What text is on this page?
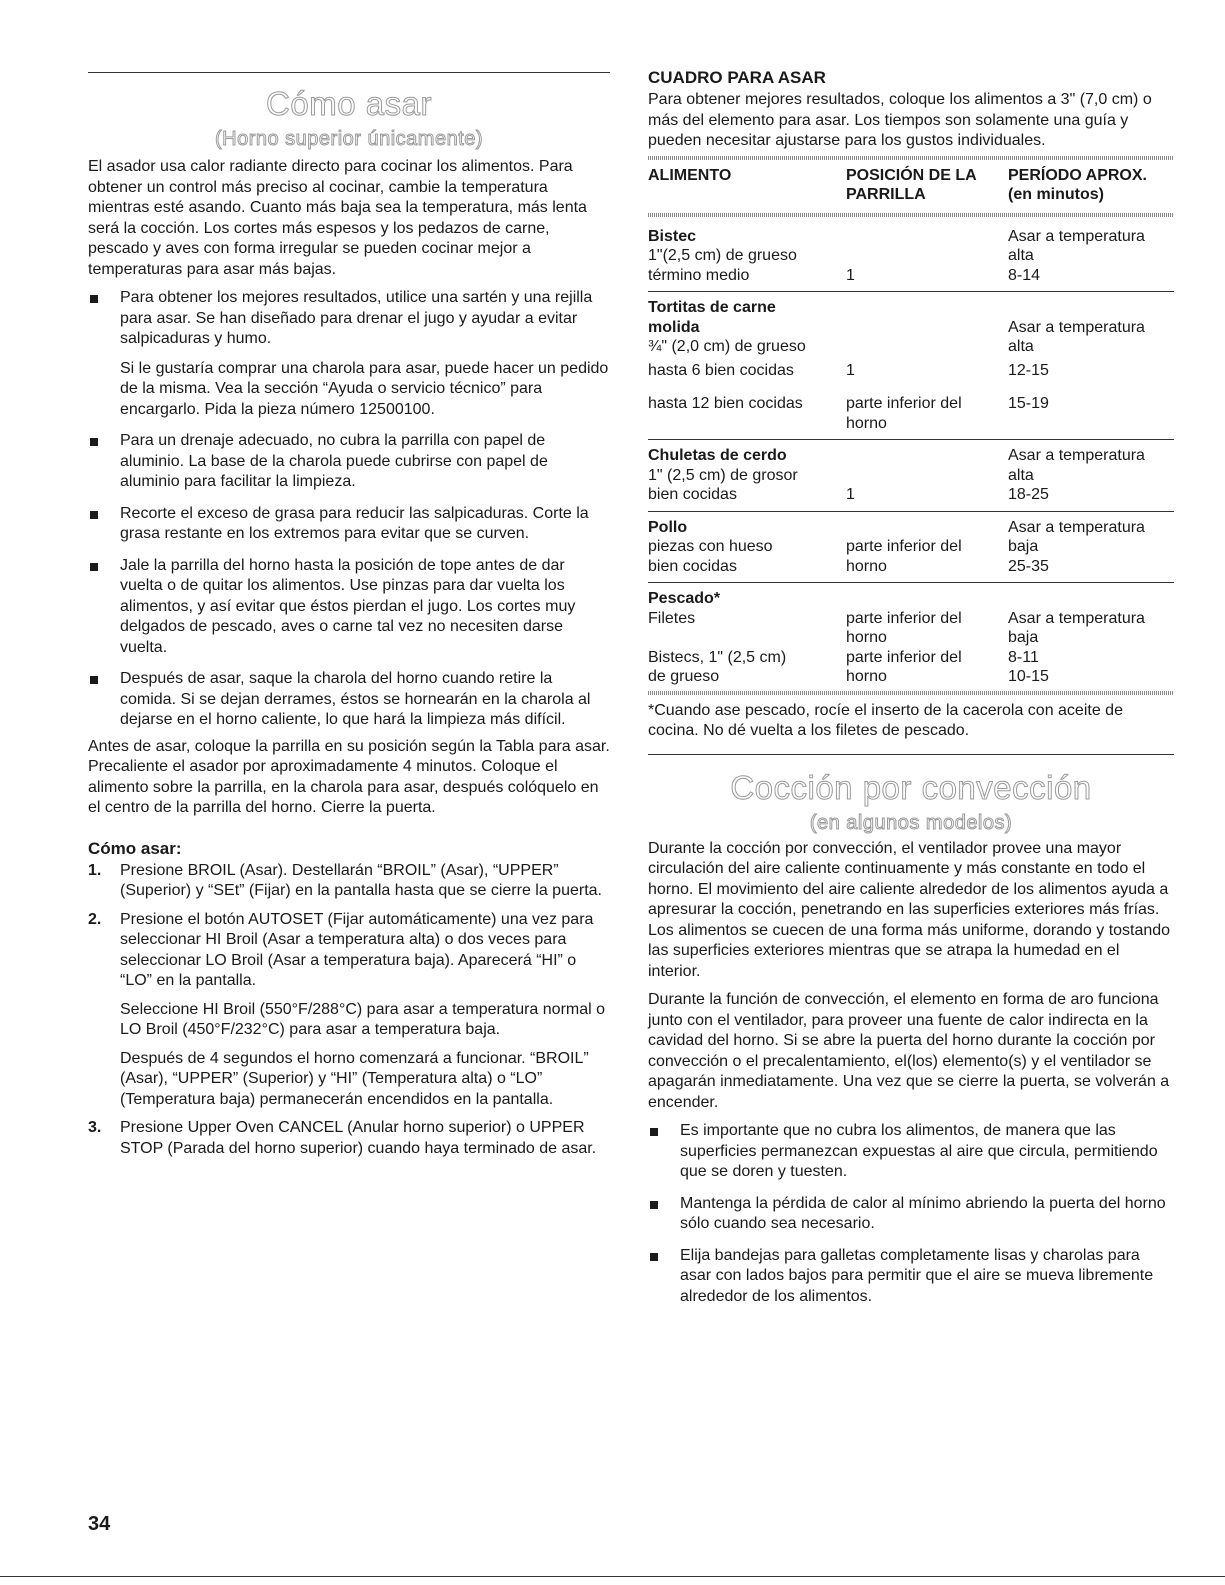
Cómo asar
(Horno superior únicamente)

El asador usa calor radiante directo para cocinar los alimentos. Para obtener un control más preciso al cocinar, cambie la temperatura mientras esté asando. Cuanto más baja sea la temperatura, más lenta será la cocción. Los cortes más espesos y los pedazos de carne, pescado y aves con forma irregular se pueden cocinar mejor a temperaturas para asar más bajas.

Para obtener los mejores resultados, utilice una sartén y una rejilla para asar. Se han diseñado para drenar el jugo y ayudar a evitar salpicaduras y humo.

Si le gustaría comprar una charola para asar, puede hacer un pedido de la misma. Vea la sección “Ayuda o servicio técnico” para encargarlo. Pida la pieza número 12500100.

Para un drenaje adecuado, no cubra la parrilla con papel de aluminio. La base de la charola puede cubrirse con papel de aluminio para facilitar la limpieza.

Recorte el exceso de grasa para reducir las salpicaduras. Corte la grasa restante en los extremos para evitar que se curven.

Jale la parrilla del horno hasta la posición de tope antes de dar vuelta o de quitar los alimentos. Use pinzas para dar vuelta los alimentos, y así evitar que éstos pierdan el jugo. Los cortes muy delgados de pescado, aves o carne tal vez no necesiten darse vuelta.

Después de asar, saque la charola del horno cuando retire la comida. Si se dejan derrames, éstos se hornearán en la charola al dejarse en el horno caliente, lo que hará la limpieza más difícil.

Antes de asar, coloque la parrilla en su posición según la Tabla para asar. Precaliente el asador por aproximadamente 4 minutos. Coloque el alimento sobre la parrilla, en la charola para asar, después colóquelo en el centro de la parrilla del horno. Cierre la puerta.

Cómo asar:
1. Presione BROIL (Asar). Destellarán “BROIL” (Asar), “UPPER” (Superior) y “SEt” (Fijar) en la pantalla hasta que se cierre la puerta.

2. Presione el botón AUTOSET (Fijar automáticamente) una vez para seleccionar HI Broil (Asar a temperatura alta) o dos veces para seleccionar LO Broil (Asar a temperatura baja). Aparecerá “HI” o “LO” en la pantalla.

Seleccione HI Broil (550°F/288°C) para asar a temperatura normal o LO Broil (450°F/232°C) para asar a temperatura baja.

Después de 4 segundos el horno comenzará a funcionar. “BROIL” (Asar), “UPPER” (Superior) y “HI” (Temperatura alta) o “LO” (Temperatura baja) permanecerán encendidos en la pantalla.

3. Presione Upper Oven CANCEL (Anular horno superior) o UPPER STOP (Parada del horno superior) cuando haya terminado de asar.

CUADRO PARA ASAR

Para obtener mejores resultados, coloque los alimentos a 3" (7,0 cm) o más del elemento para asar. Los tiempos son solamente una guía y pueden necesitar ajustarse para los gustos individuales.

ALIMENTO	POSICIÓN DE LA PARRILLA	PERÍODO APROX. (en minutos)

Bistec		Asar a temperatura
1"(2,5 cm) de grueso		alta
término medio	1	8-14
Tortitas de carne		
molida		Asar a temperatura
¾" (2,0 cm) de grueso		alta
hasta 6 bien cocidas	1	12-15
hasta 12 bien cocidas	parte inferior del	15-19
	horno	
Chuletas de cerdo		Asar a temperatura
1" (2,5 cm) de grosor		alta
bien cocidas	1	18-25
Pollo		Asar a temperatura
piezas con hueso	parte inferior del	baja
bien cocidas	horno	25-35
Pescado*		
Filetes	parte inferior del	Asar a temperatura
	horno	baja
Bistecs, 1" (2,5 cm)	parte inferior del	8-11
de grueso	horno	10-15

*Cuando ase pescado, rocíe el inserto de la cacerola con aceite de cocina. No dé vuelta a los filetes de pescado.

Cocción por convección
(en algunos modelos)

Durante la cocción por convección, el ventilador provee una mayor circulación del aire caliente continuamente y más constante en todo el horno. El movimiento del aire caliente alrededor de los alimentos ayuda a apresurar la cocción, penetrando en las superficies exteriores más frías. Los alimentos se cuecen de una forma más uniforme, dorando y tostando las superficies exteriores mientras que se atrapa la humedad en el interior.

Durante la función de convección, el elemento en forma de aro funciona junto con el ventilador, para proveer una fuente de calor indirecta en la cavidad del horno. Si se abre la puerta del horno durante la cocción por convección o el precalentamiento, el(los) elemento(s) y el ventilador se apagarán inmediatamente. Una vez que se cierre la puerta, se volverán a encender.

Es importante que no cubra los alimentos, de manera que las superficies permanezcan expuestas al aire que circula, permitiendo que se doren y tuesten.
Mantenga la pérdida de calor al mínimo abriendo la puerta del horno sólo cuando sea necesario.
Elija bandejas para galletas completamente lisas y charolas para asar con lados bajos para permitir que el aire se mueva libremente alrededor de los alimentos.
34
